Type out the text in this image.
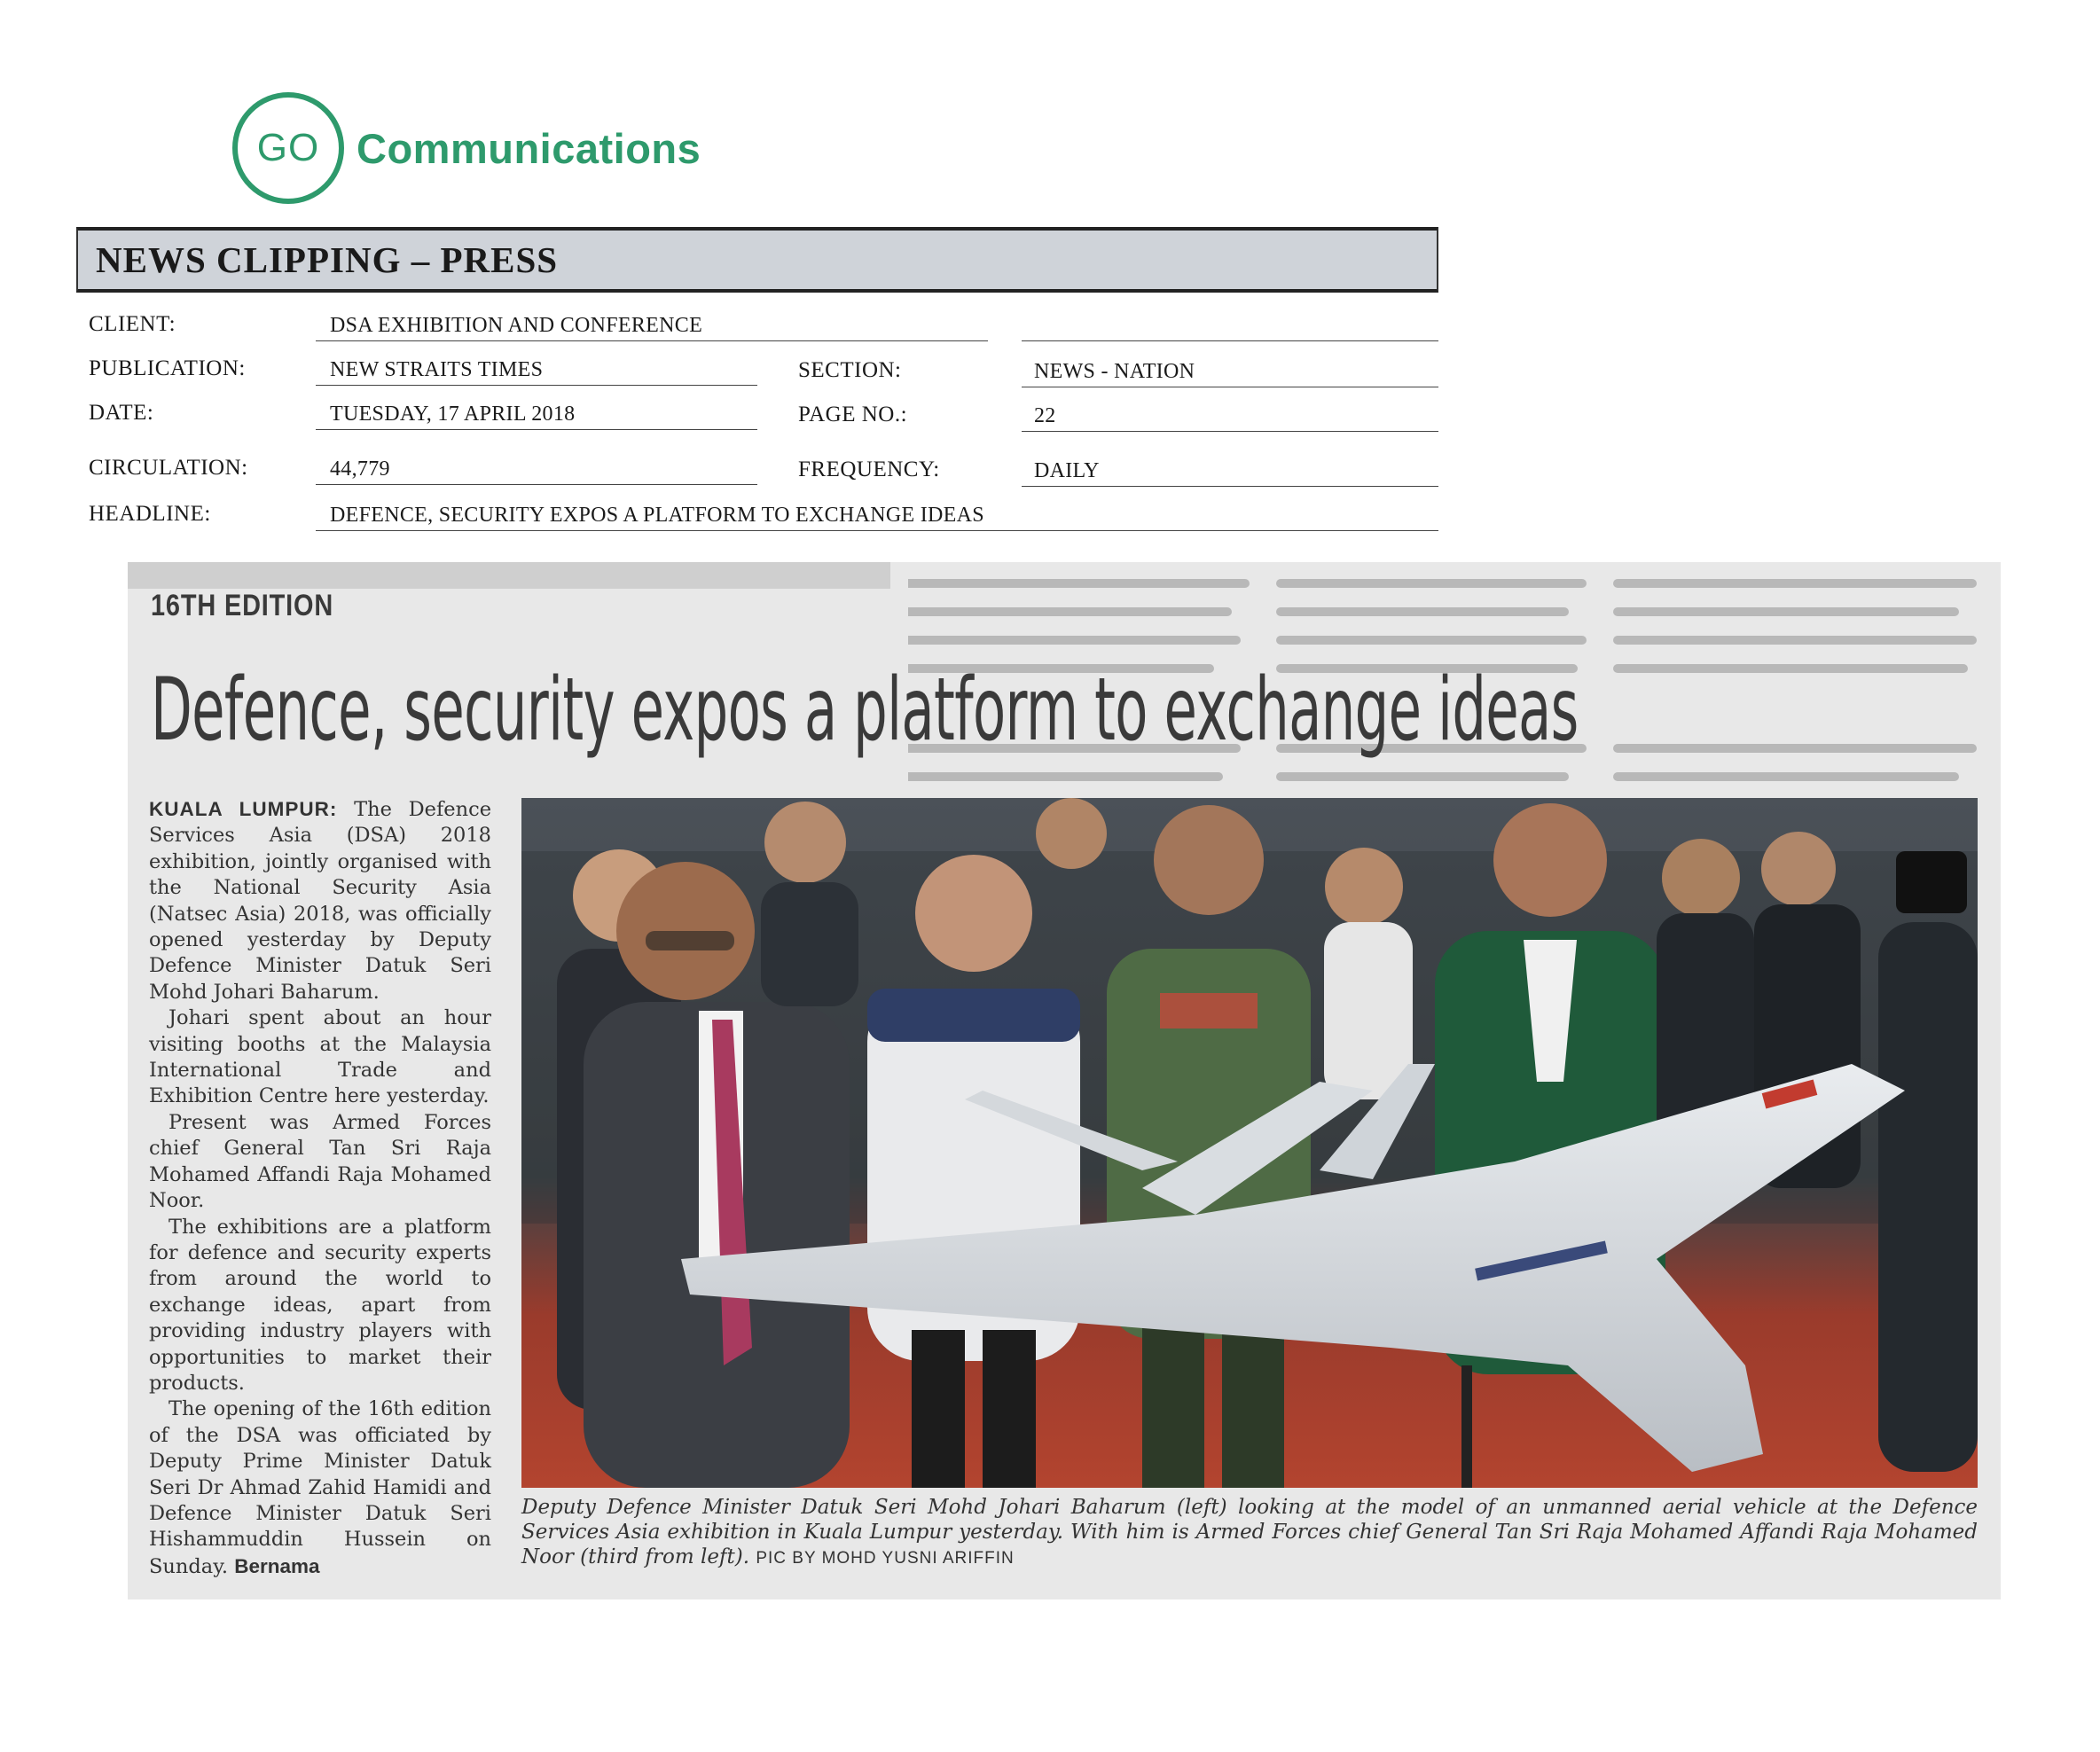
GO Communications
NEWS CLIPPING – PRESS
CLIENT:	DSA EXHIBITION AND CONFERENCE
PUBLICATION:	NEW STRAITS TIMES	SECTION:	NEWS - NATION
DATE:	TUESDAY, 17 APRIL 2018	PAGE NO.:	22
CIRCULATION:	44,779	FREQUENCY:	DAILY
HEADLINE:	DEFENCE, SECURITY EXPOS A PLATFORM TO EXCHANGE IDEAS
16TH EDITION
Defence, security expos a platform to exchange ideas

KUALA LUMPUR: The Defence Services Asia (DSA) 2018 exhibition, jointly organised with the National Security Asia (Natsec Asia) 2018, was officially opened yesterday by Deputy Defence Minister Datuk Seri Mohd Johari Baharum.

Johari spent about an hour visiting booths at the Malaysia International Trade and Exhibition Centre here yesterday.

Present was Armed Forces chief General Tan Sri Raja Mohamed Affandi Raja Mohamed Noor.

The exhibitions are a platform for defence and security experts from around the world to exchange ideas, apart from providing industry players with opportunities to market their products.

The opening of the 16th edition of the DSA was officiated by Deputy Prime Minister Datuk Seri Dr Ahmad Zahid Hamidi and Defence Minister Datuk Seri Hishammuddin Hussein on Sunday. Bernama

Deputy Defence Minister Datuk Seri Mohd Johari Baharum (left) looking at the model of an unmanned aerial vehicle at the Defence Services Asia exhibition in Kuala Lumpur yesterday. With him is Armed Forces chief General Tan Sri Raja Mohamed Affandi Raja Mohamed Noor (third from left). PIC BY MOHD YUSNI ARIFFIN
